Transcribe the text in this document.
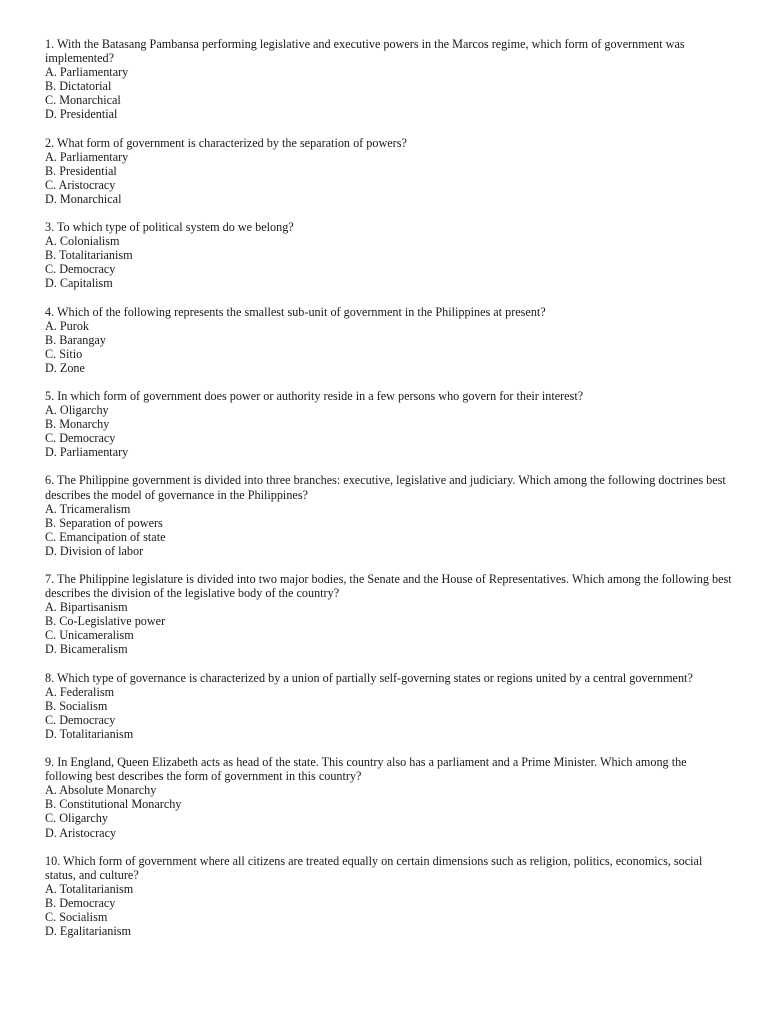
1. With the Batasang Pambansa performing legislative and executive powers in the Marcos regime, which form of government was implemented?
A. Parliamentary
B. Dictatorial
C. Monarchical
D. Presidential
2. What form of government is characterized by the separation of powers?
A. Parliamentary
B. Presidential
C. Aristocracy
D. Monarchical
3. To which type of political system do we belong?
A. Colonialism
B. Totalitarianism
C. Democracy
D. Capitalism
4. Which of the following represents the smallest sub-unit of government in the Philippines at present?
A. Purok
B. Barangay
C. Sitio
D. Zone
5. In which form of government does power or authority reside in a few persons who govern for their interest?
A. Oligarchy
B. Monarchy
C. Democracy
D. Parliamentary
6. The Philippine government is divided into three branches: executive, legislative and judiciary. Which among the following doctrines best describes the model of governance in the Philippines?
A. Tricameralism
B. Separation of powers
C. Emancipation of state
D. Division of labor
7. The Philippine legislature is divided into two major bodies, the Senate and the House of Representatives. Which among the following best describes the division of the legislative body of the country?
A. Bipartisanism
B. Co-Legislative power
C. Unicameralism
D. Bicameralism
8. Which type of governance is characterized by a union of partially self-governing states or regions united by a central government?
A. Federalism
B. Socialism
C. Democracy
D. Totalitarianism
9. In England, Queen Elizabeth acts as head of the state. This country also has a parliament and a Prime Minister. Which among the following best describes the form of government in this country?
A. Absolute Monarchy
B. Constitutional Monarchy
C. Oligarchy
D. Aristocracy
10. Which form of government where all citizens are treated equally on certain dimensions such as religion, politics, economics, social status, and culture?
A. Totalitarianism
B. Democracy
C. Socialism
D. Egalitarianism
